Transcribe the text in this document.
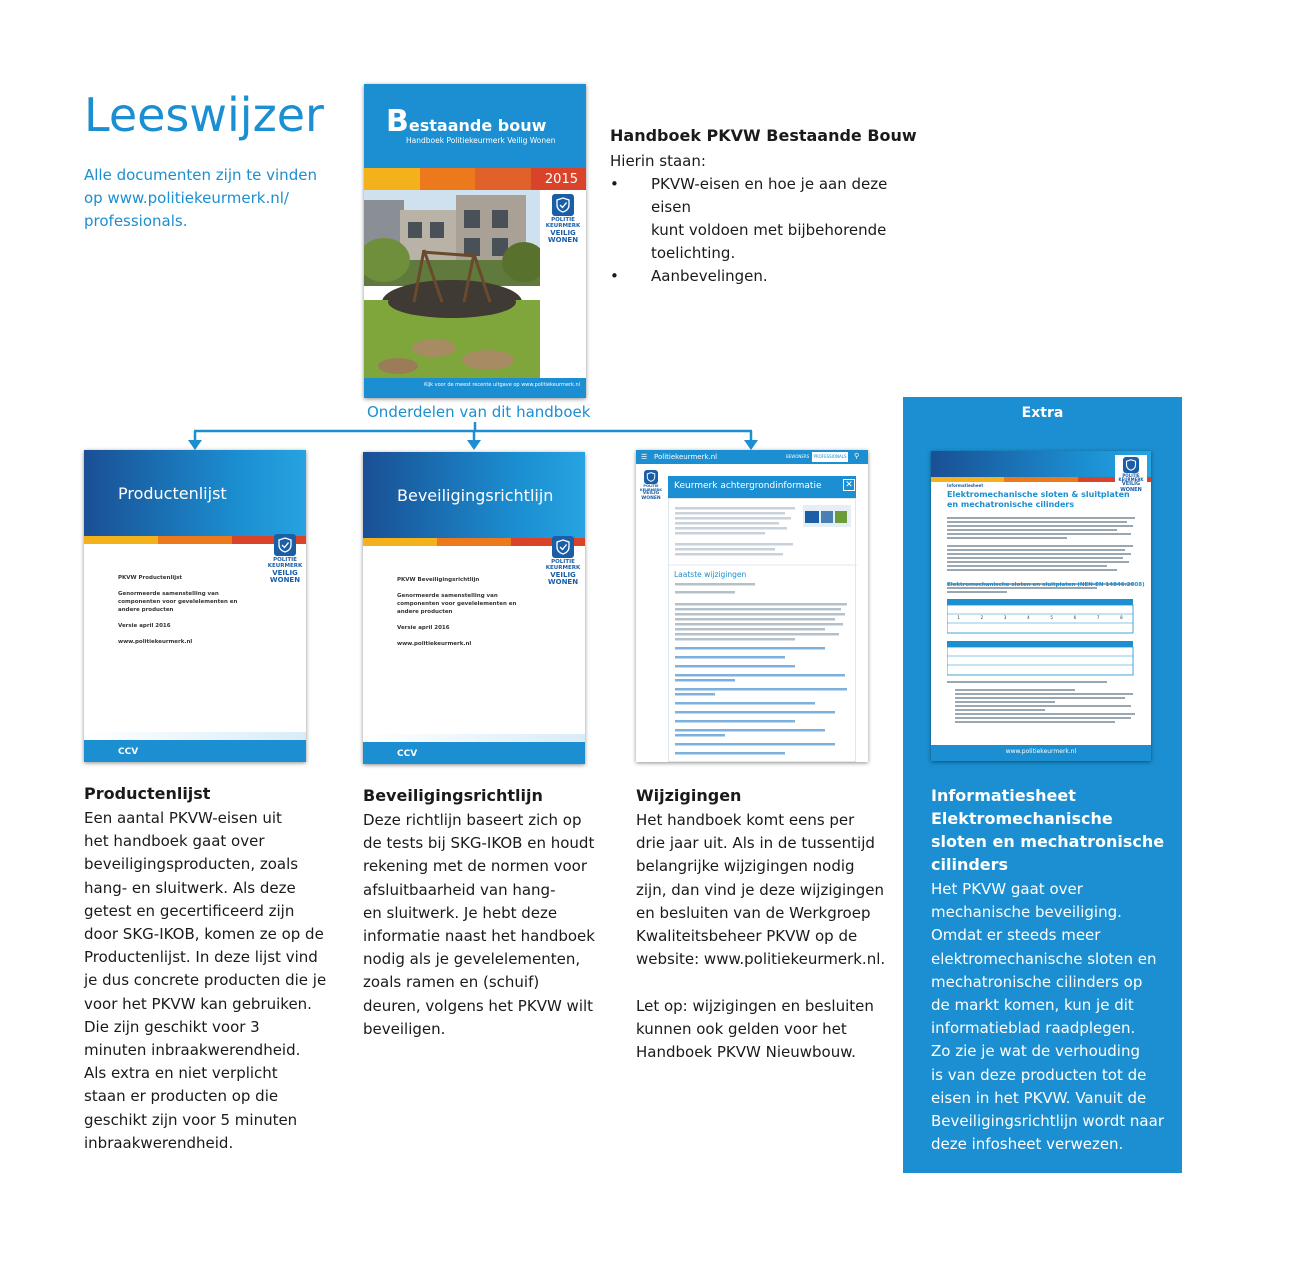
Leeswijzer
Alle documenten zijn te vinden
op www.politiekeurmerk.nl/
professionals.
Bestaande bouw
Handboek Politiekeurmerk Veilig Wonen
2015
POLITIE
KEURMERK
VEILIG
WONEN
Kijk voor de meest recente uitgave op www.politiekeurmerk.nl
Handboek PKVW Bestaande Bouw
Hierin staan:
• PKVW-eisen en hoe je aan deze eisen
kunt voldoen met bijbehorende
toelichting.
• Aanbevelingen.
Onderdelen van dit handboek
Productenlijst
POLITIE
KEURMERK
VEILIG
WONEN

PKVW Productenlijst

Genormeerde samenstelling van componenten voor gevelelementen en andere producten

Versie april 2016

www.politiekeurmerk.nl

CCV
Beveiligingsrichtlijn
POLITIE
KEURMERK
VEILIG
WONEN

PKVW Beveiligingsrichtlijn

Genormeerde samenstelling van componenten voor gevelelementen en andere producten

Versie april 2016

www.politiekeurmerk.nl

CCV
☰ Politiekeurmerk.nl	BEWONERS	PROFESSIONALS ⚲
POLITIE
KEURMERK
VEILIG
WONEN
Keurmerk achtergrondinformatie	✕
Laatste wijzigingen
Productenlijst
Een aantal PKVW-eisen uit
het handboek gaat over
beveiligingsproducten, zoals
hang- en sluitwerk. Als deze
getest en gecertificeerd zijn
door SKG-IKOB, komen ze op de
Productenlijst. In deze lijst vind
je dus concrete producten die je
voor het PKVW kan gebruiken.
Die zijn geschikt voor 3
minuten inbraakwerendheid.
Als extra en niet verplicht
staan er producten op die
geschikt zijn voor 5 minuten
inbraakwerendheid.
Beveiligingsrichtlijn
Deze richtlijn baseert zich op
de tests bij SKG-IKOB en houdt
rekening met de normen voor
afsluitbaarheid van hang-
en sluitwerk. Je hebt deze
informatie naast het handboek
nodig als je gevelelementen,
zoals ramen en (schuif)
deuren, volgens het PKVW wilt
beveiligen.
Wijzigingen
Het handboek komt eens per
drie jaar uit. Als in de tussentijd
belangrijke wijzigingen nodig
zijn, dan vind je deze wijzigingen
en besluiten van de Werkgroep
Kwaliteitsbeheer PKVW op de
website: www.politiekeurmerk.nl.
Let op: wijzigingen en besluiten
kunnen ook gelden voor het
Handboek PKVW Nieuwbouw.
Extra
POLITIE
KEURMERK
VEILIG
WONEN
Informatiesheet
Elektromechanische sloten & sluitplaten
en mechatronische cilinders
Elektromechanische sloten en sluitplaten (NEN-EN 14846:2008)
1	2	3	4	5	6	7	8
www.politiekeurmerk.nl
Informatiesheet
Elektromechanische
sloten en mechatronische
cilinders
Het PKVW gaat over
mechanische beveiliging.
Omdat er steeds meer
elektromechanische sloten en
mechatronische cilinders op
de markt komen, kun je dit
informatieblad raadplegen.
Zo zie je wat de verhouding
is van deze producten tot de
eisen in het PKVW. Vanuit de
Beveiligingsrichtlijn wordt naar
deze infosheet verwezen.
